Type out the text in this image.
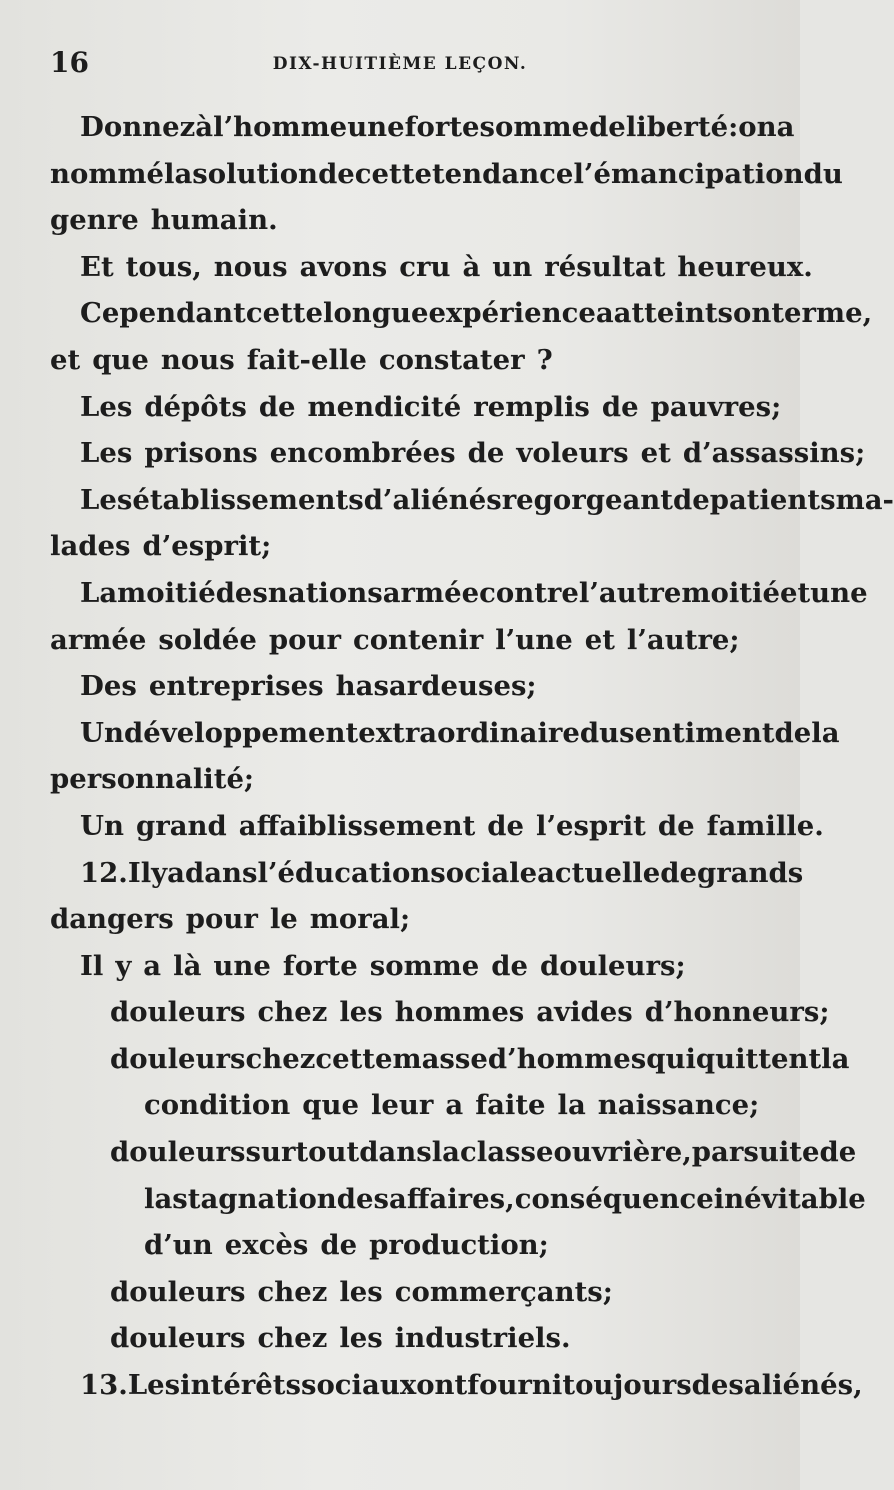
16	DIX-HUITIÈME LEÇON.
Donnez à l’homme une forte somme de liberté : on a
nommé la solution de cette tendance l’émancipation du
genre humain.
Et tous, nous avons cru à un résultat heureux.
Cependant cette longue expérience a atteint son terme,
et que nous fait-elle constater ?
Les dépôts de mendicité remplis de pauvres;
Les prisons encombrées de voleurs et d’assassins;
Les établissements d’aliénés regorgeant de patients ma-
lades d’esprit;
La moitié des nations armée contre l’autre moitié et une
armée soldée pour contenir l’une et l’autre;
Des entreprises hasardeuses;
Un développement extraordinaire du sentiment de la
personnalité;
Un grand affaiblissement de l’esprit de famille.
12. Il y a dans l’éducation sociale actuelle de grands
dangers pour le moral;
Il y a là une forte somme de douleurs;
douleurs chez les hommes avides d’honneurs;
douleurs chez cette masse d’hommes qui quittent la
condition que leur a faite la naissance;
douleurs surtout dans la classe ouvrière, par suite de
la stagnation des affaires, conséquence inévitable
d’un excès de production;
douleurs chez les commerçants;
douleurs chez les industriels.
13. Les intérêts sociaux ont fourni toujours des aliénés,
